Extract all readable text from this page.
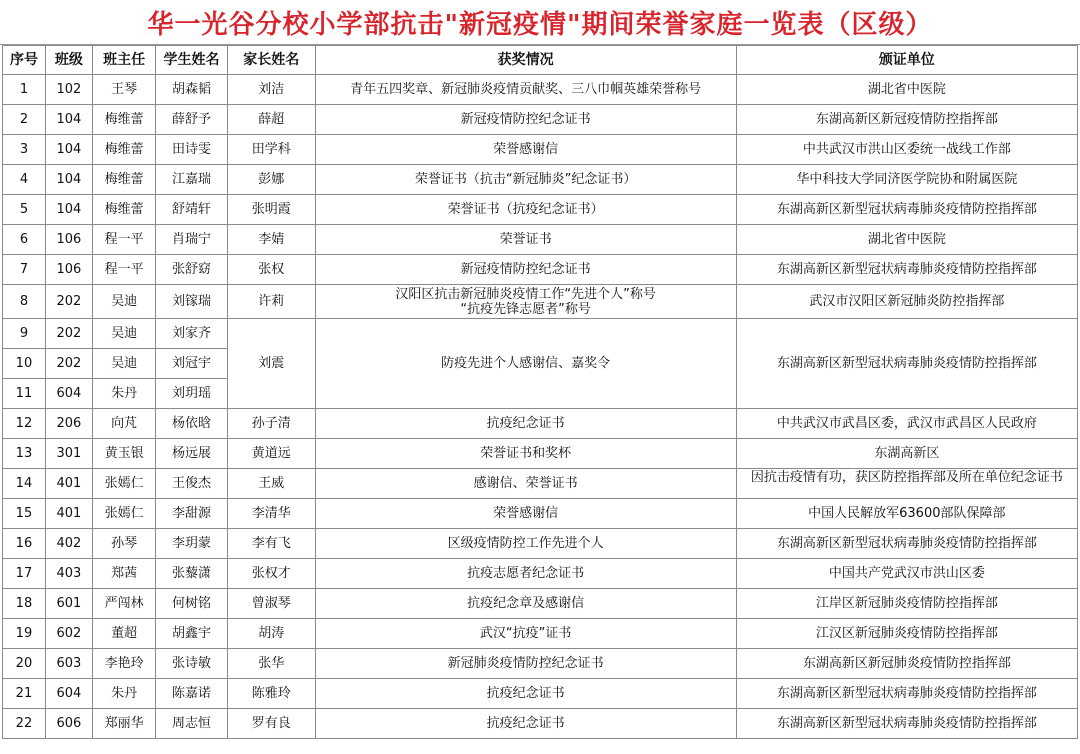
华一光谷分校小学部抗击"新冠疫情"期间荣誉家庭一览表（区级）
序号	班级	班主任	学生姓名	家长姓名	获奖情况	颁证单位
1	102	王琴	胡森韬	刘洁	青年五四奖章、新冠肺炎疫情贡献奖、三八巾帼英雄荣誉称号	湖北省中医院
2	104	梅维蕾	薛舒予	薛超	新冠疫情防控纪念证书	东湖高新区新冠疫情防控指挥部
3	104	梅维蕾	田诗雯	田学科	荣誉感谢信	中共武汉市洪山区委统一战线工作部
4	104	梅维蕾	江嘉瑞	彭娜	荣誉证书（抗击“新冠肺炎”纪念证书）	华中科技大学同济医学院协和附属医院
5	104	梅维蕾	舒靖轩	张明霞	荣誉证书（抗疫纪念证书）	东湖高新区新型冠状病毒肺炎疫情防控指挥部
6	106	程一平	肖瑞宁	李婧	荣誉证书	湖北省中医院
7	106	程一平	张舒窈	张权	新冠疫情防控纪念证书	东湖高新区新型冠状病毒肺炎疫情防控指挥部
8	202	吴迪	刘镓瑞	许莉	汉阳区抗击新冠肺炎疫情工作“先进个人”称号
“抗疫先锋志愿者”称号	武汉市汉阳区新冠肺炎防控指挥部
9	202	吴迪	刘家齐	刘震	防疫先进个人感谢信、嘉奖令	东湖高新区新型冠状病毒肺炎疫情防控指挥部
10	202	吴迪	刘冠宇			
11	604	朱丹	刘玥瑶			
12	206	向芃	杨依晗	孙子清	抗疫纪念证书	中共武汉市武昌区委，武汉市武昌区人民政府
13	301	黄玉银	杨远展	黄道远	荣誉证书和奖杯	东湖高新区
14	401	张嫣仁	王俊杰	王威	感谢信、荣誉证书	因抗击疫情有功，获区防控指挥部及所在单位纪念证书

15	401	张嫣仁	李甜源	李清华	荣誉感谢信	中国人民解放军63600部队保障部
16	402	孙琴	李玥蒙	李有飞	区级疫情防控工作先进个人	东湖高新区新型冠状病毒肺炎疫情防控指挥部
17	403	郑茜	张藜潇	张权才	抗疫志愿者纪念证书	中国共产党武汉市洪山区委
18	601	严闯林	何树铭	曾淑琴	抗疫纪念章及感谢信	江岸区新冠肺炎疫情防控指挥部
19	602	董超	胡鑫宇	胡涛	武汉“抗疫”证书	江汉区新冠肺炎疫情防控指挥部
20	603	李艳玲	张诗敏	张华	新冠肺炎疫情防控纪念证书	东湖高新区新冠肺炎疫情防控指挥部
21	604	朱丹	陈嘉诺	陈雅玲	抗疫纪念证书	东湖高新区新型冠状病毒肺炎疫情防控指挥部
22	606	郑丽华	周志恒	罗有良	抗疫纪念证书	东湖高新区新型冠状病毒肺炎疫情防控指挥部
